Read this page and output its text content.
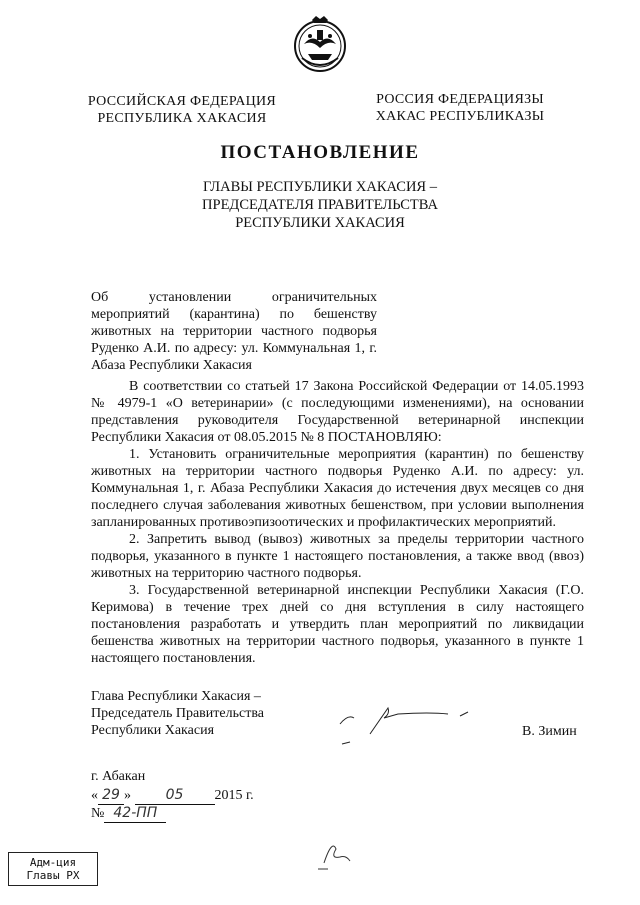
РОССИЙСКАЯ ФЕДЕРАЦИЯ
РЕСПУБЛИКА ХАКАСИЯ
РОССИЯ ФЕДЕРАЦИЯЗЫ
ХАКАС РЕСПУБЛИКАЗЫ
ПОСТАНОВЛЕНИЕ
ГЛАВЫ РЕСПУБЛИКИ ХАКАСИЯ –
ПРЕДСЕДАТЕЛЯ ПРАВИТЕЛЬСТВА
РЕСПУБЛИКИ ХАКАСИЯ
Об установлении ограничительных мероприятий (карантина) по бешенству животных на территории частного подворья Руденко А.И. по адресу: ул. Коммунальная 1, г. Абаза Республики Хакасия

В соответствии со статьей 17 Закона Российской Федерации от 14.05.1993 № 4979-1 «О ветеринарии» (с последующими изменениями), на основании представления руководителя Государственной ветеринарной инспекции Республики Хакасия от 08.05.2015 № 8 ПОСТАНОВЛЯЮ:

1. Установить ограничительные мероприятия (карантин) по бешенству животных на территории частного подворья Руденко А.И. по адресу: ул. Коммунальная 1, г. Абаза Республики Хакасия до истечения двух месяцев со дня последнего случая заболевания животных бешенством, при условии выполнения запланированных противоэпизоотических и профилактических мероприятий.

2. Запретить вывод (вывоз) животных за пределы территории частного подворья, указанного в пункте 1 настоящего постановления, а также ввод (ввоз) животных на территорию частного подворья.

3. Государственной ветеринарной инспекции Республики Хакасия (Г.О. Керимова) в течение трех дней со дня вступления в силу настоящего постановления разработать и утвердить план мероприятий по ликвидации бешенства животных на территории частного подворья, указанного в пункте 1 настоящего постановления.

Глава Республики Хакасия –
Председатель Правительства
Республики Хакасия	В. Зимин
г. Абакан
« 29 » 05 2015 г.
№ 42-ПП
Адм-ция
Главы РХ
